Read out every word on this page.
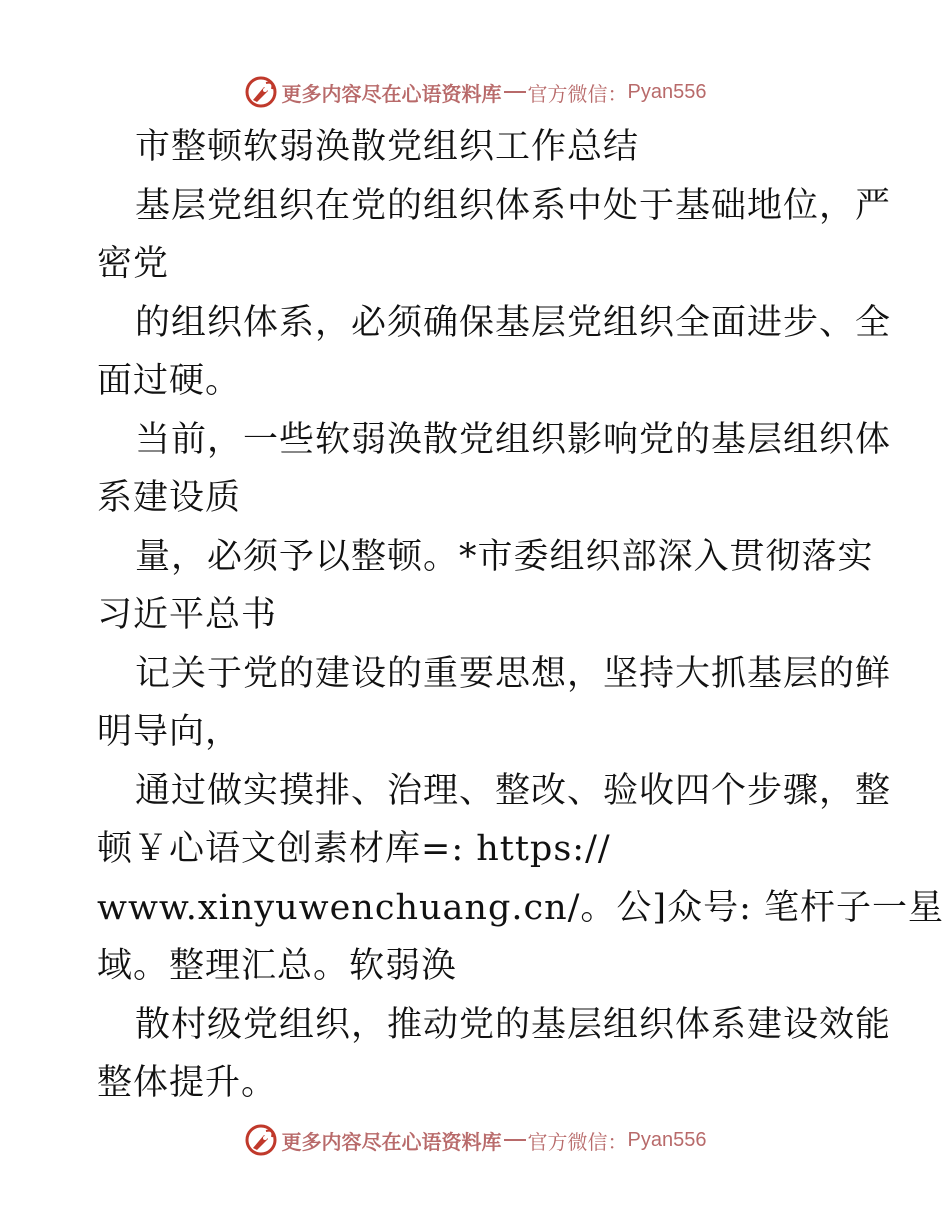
更多内容尽在心语资料库 官方微信： Pyan556
市整顿软弱涣散党组织工作总结
基层党组织在党的组织体系中处于基础地位，严
密党
的组织体系，必须确保基层党组织全面进步、全
面过硬。
当前，一些软弱涣散党组织影响党的基层组织体
系建设质
量，必须予以整顿。*市委组织部深入贯彻落实
习近平总书
记关于党的建设的重要思想，坚持大抓基层的鲜
明导向，
通过做实摸排、治理、整改、验收四个步骤，整
顿￥心语文创素材库=: https://
www.xinyuwenchuang.cn/。公]众号: 笔杆子一星
域。整理汇总。软弱涣
散村级党组织，推动党的基层组织体系建设效能
整体提升。
更多内容尽在心语资料库 官方微信： Pyan556
